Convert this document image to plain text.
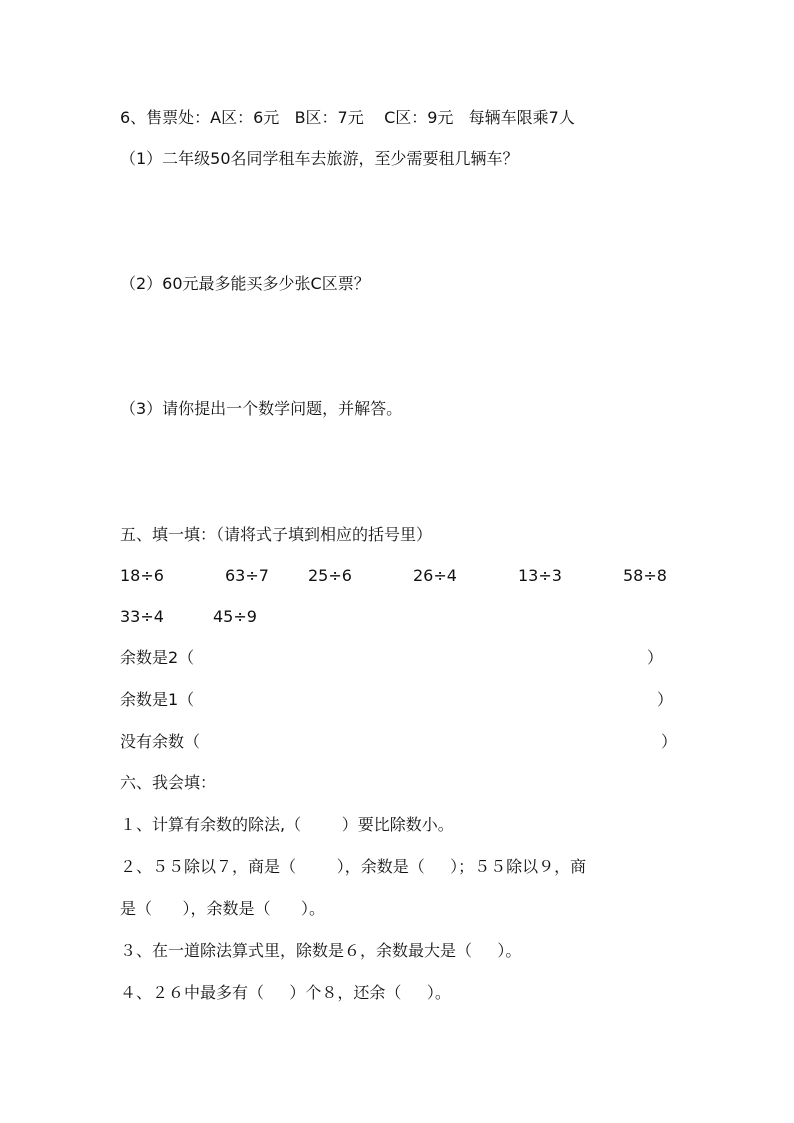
6、售票处：A区：6元   B区：7元    C区：9元   每辆车限乘7人
（1）二年级50名同学租车去旅游，至少需要租几辆车？
（2）60元最多能买多少张C区票？
（3）请你提出一个数学问题，并解答。
五、填一填：（请将式子填到相应的括号里）

18÷6

	63÷7

25÷6

	26÷4

	13÷3

	58÷8

33÷4

	45÷9

余数是2（	）
余数是1（	）
没有余数（	）
六、我会填：
１、计算有余数的除法,（        ）要比除数小。
２、５５除以７，商是（        ），余数是（     ）；５５除以９，商
是（      ），余数是（      ）。
３、在一道除法算式里，除数是６，余数最大是（     ）。
４、２６中最多有（     ）个８，还余（     ）。
